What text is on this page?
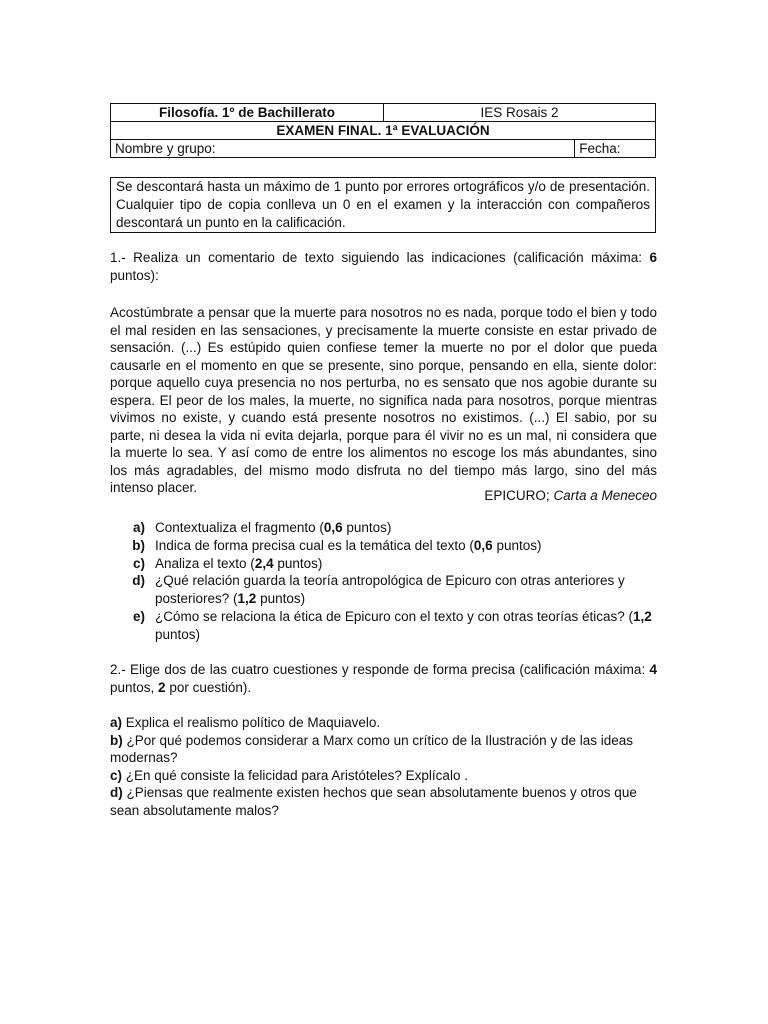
Filosofía. 1º de Bachillerato	IES Rosais 2	
EXAMEN FINAL. 1ª EVALUACIÓN		
Nombre y grupo:		Fecha:
Se descontará hasta un máximo de 1 punto por errores ortográficos y/o de presentación. Cualquier tipo de copia conlleva un 0 en el examen y la interacción con compañeros descontará un punto en la calificación.

1.- Realiza un comentario de texto siguiendo las indicaciones (calificación máxima: 6 puntos):

Acostúmbrate a pensar que la muerte para nosotros no es nada, porque todo el bien y todo el mal residen en las sensaciones, y precisamente la muerte consiste en estar privado de sensación. (...) Es estúpido quien confiese temer la muerte no por el dolor que pueda causarle en el momento en que se presente, sino porque, pensando en ella, siente dolor: porque aquello cuya presencia no nos perturba, no es sensato que nos agobie durante su espera. El peor de los males, la muerte, no significa nada para nosotros, porque mientras vivimos no existe, y cuando está presente nosotros no existimos. (...) El sabio, por su parte, ni desea la vida ni evita dejarla, porque para él vivir no es un mal, ni considera que la muerte lo sea. Y así como de entre los alimentos no escoge los más abundantes, sino los más agradables, del mismo modo disfruta no del tiempo más largo, sino del más intenso placer.

EPICURO; Carta a Meneceo

a) Contextualiza el fragmento (0,6 puntos)
b) Indica de forma precisa cual es la temática del texto (0,6 puntos)
c) Analiza el texto (2,4 puntos)
d) ¿Qué relación guarda la teoría antropológica de Epicuro con otras anteriores y posteriores? (1,2 puntos)
e) ¿Cómo se relaciona la ética de Epicuro con el texto y con otras teorías éticas? (1,2 puntos)

2.- Elige dos de las cuatro cuestiones y responde de forma precisa (calificación máxima: 4 puntos, 2 por cuestión).

a) Explica el realismo político de Maquiavelo.

b) ¿Por qué podemos considerar a Marx como un crítico de la Ilustración y de las ideas modernas?

c) ¿En qué consiste la felicidad para Aristóteles? Explícalo .

d) ¿Piensas que realmente existen hechos que sean absolutamente buenos y otros que sean absolutamente malos?
